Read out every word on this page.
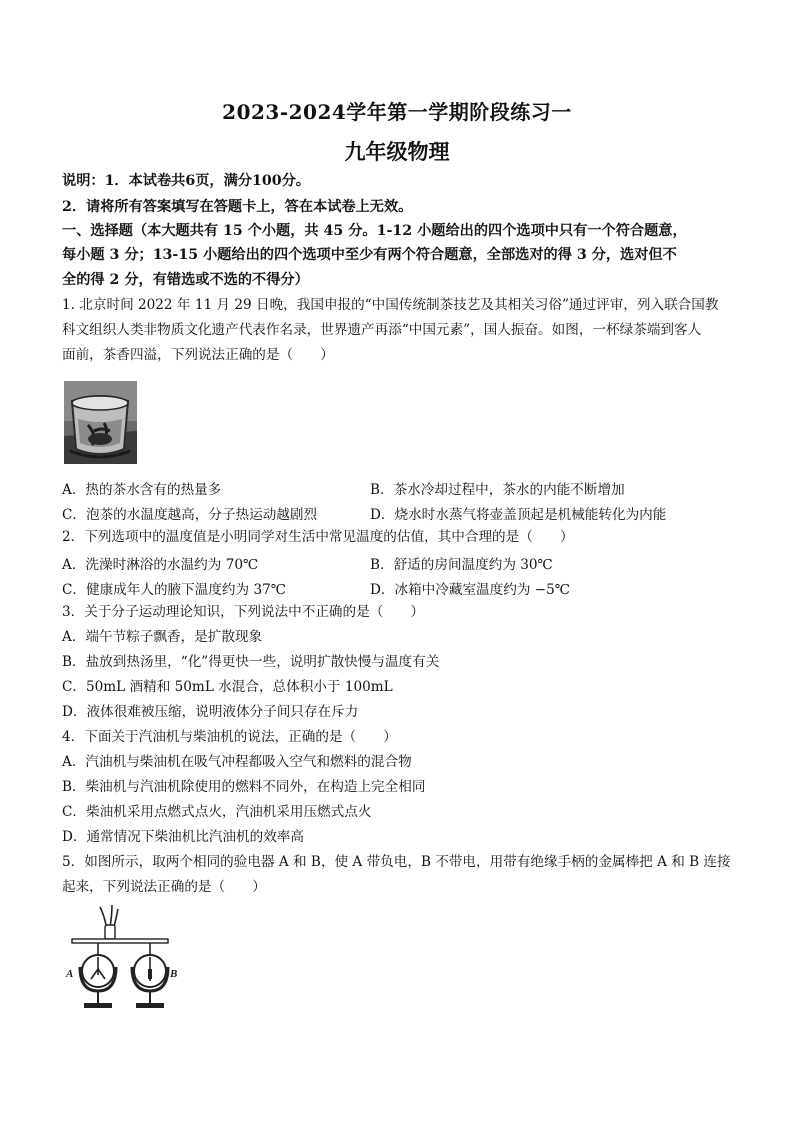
2023-2024学年第一学期阶段练习一
九年级物理
说明：1．本试卷共6页，满分100分。
2．请将所有答案填写在答题卡上，答在本试卷上无效。
一、选择题（本大题共有 15 个小题，共 45 分。1-12 小题给出的四个选项中只有一个符合题意，
每小题 3 分；13-15 小题给出的四个选项中至少有两个符合题意，全部选对的得 3 分，选对但不
全的得 2 分，有错选或不选的不得分）
1. 北京时间 2022 年 11 月 29 日晚，我国申报的“中国传统制茶技艺及其相关习俗”通过评审，列入联合国教
科文组织人类非物质文化遗产代表作名录，世界遗产再添“中国元素”，国人振奋。如图，一杯绿茶端到客人
面前，茶香四溢，下列说法正确的是（　　）
A．热的茶水含有的热量多	B．茶水冷却过程中，茶水的内能不断增加
C．泡茶的水温度越高，分子热运动越剧烈	D．烧水时水蒸气将壶盖顶起是机械能转化为内能
2．下列选项中的温度值是小明同学对生活中常见温度的估值，其中合理的是（　　）
A．洗澡时淋浴的水温约为 70℃	B．舒适的房间温度约为 30℃
C．健康成年人的腋下温度约为 37℃	D．冰箱中冷藏室温度约为 −5℃
3．关于分子运动理论知识，下列说法中不正确的是（　　）
A．端午节粽子飘香，是扩散现象
B．盐放到热汤里，“化”得更快一些，说明扩散快慢与温度有关
C．50mL 酒精和 50mL 水混合，总体积小于 100mL
D．液体很难被压缩，说明液体分子间只存在斥力
4．下面关于汽油机与柴油机的说法，正确的是（　　）
A．汽油机与柴油机在吸气冲程都吸入空气和燃料的混合物
B．柴油机与汽油机除使用的燃料不同外，在构造上完全相同
C．柴油机采用点燃式点火，汽油机采用压燃式点火
D．通常情况下柴油机比汽油机的效率高
5．如图所示，取两个相同的验电器 A 和 B，使 A 带负电，B 不带电，用带有绝缘手柄的金属棒把 A 和 B 连接
起来，下列说法正确的是（　　）
A	B
